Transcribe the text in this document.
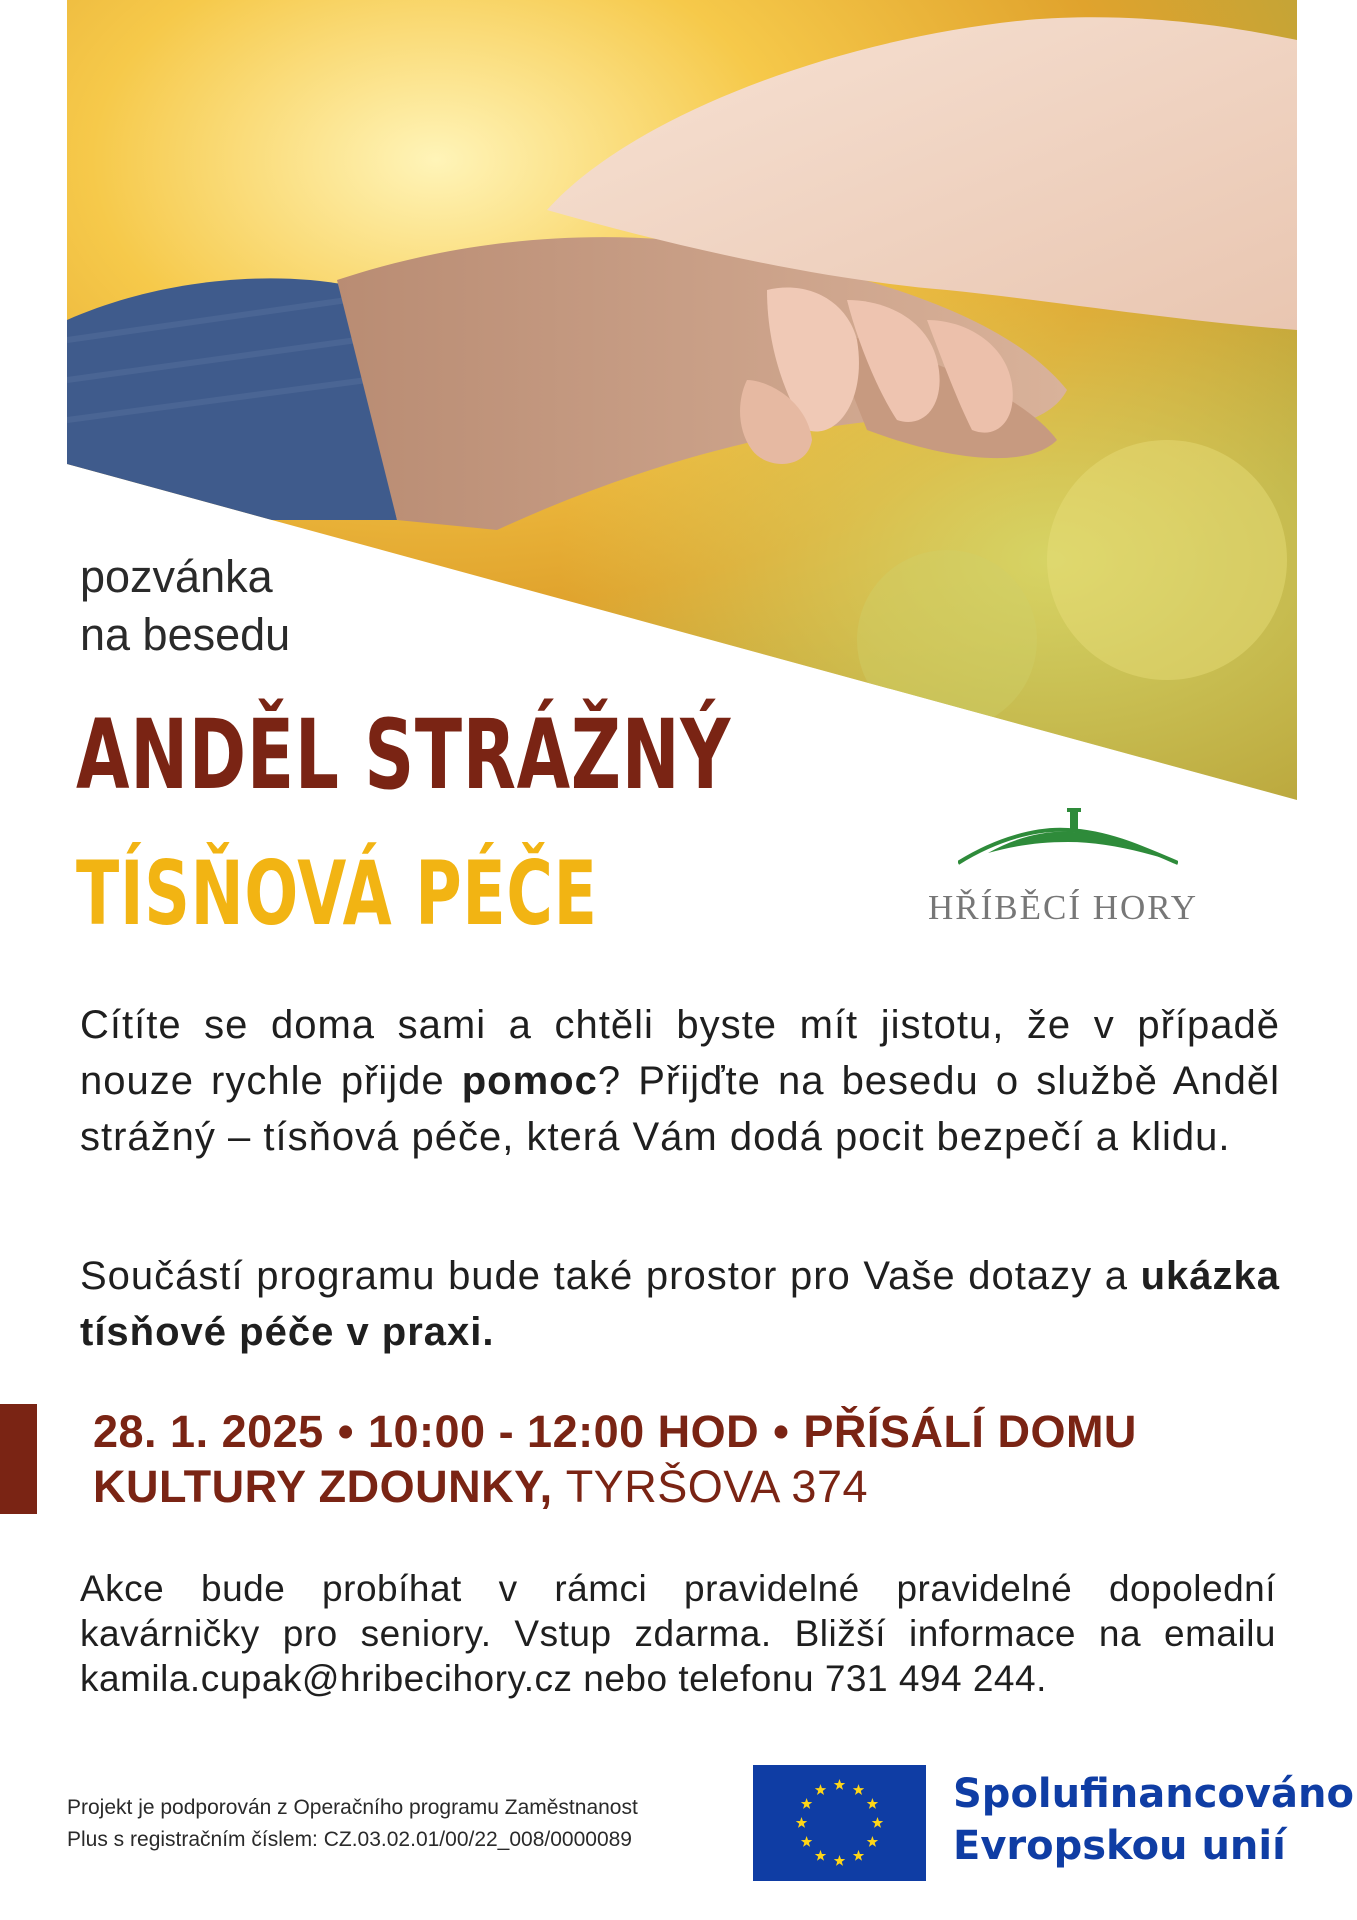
pozvánka
na besedu
ANDĚL STRÁŽNÝ
TÍSŇOVÁ PÉČE	HŘÍBĚCÍ HORY

Cítíte se doma sami a chtěli byste mít jistotu, že v případě nouze rychle přijde pomoc? Přijďte na besedu o službě Anděl strážný – tísňová péče, která Vám dodá pocit bezpečí a klidu.

Součástí programu bude také prostor pro Vaše dotazy a ukázka tísňové péče v praxi.

28. 1. 2025 • 10:00 - 12:00 HOD • PŘÍSÁLÍ DOMU KULTURY ZDOUNKY, TYRŠOVA 374

Akce bude probíhat v rámci pravidelné pravidelné dopolední kavárničky pro seniory. Vstup zdarma. Bližší informace na emailu kamila.cupak@hribecihory.cz nebo telefonu 731 494 244.

Projekt je podporován z Operačního programu Zaměstnanost
Plus s registračním číslem: CZ.03.02.01/00/22_008/0000089
Spolufinancováno
Evropskou unií
